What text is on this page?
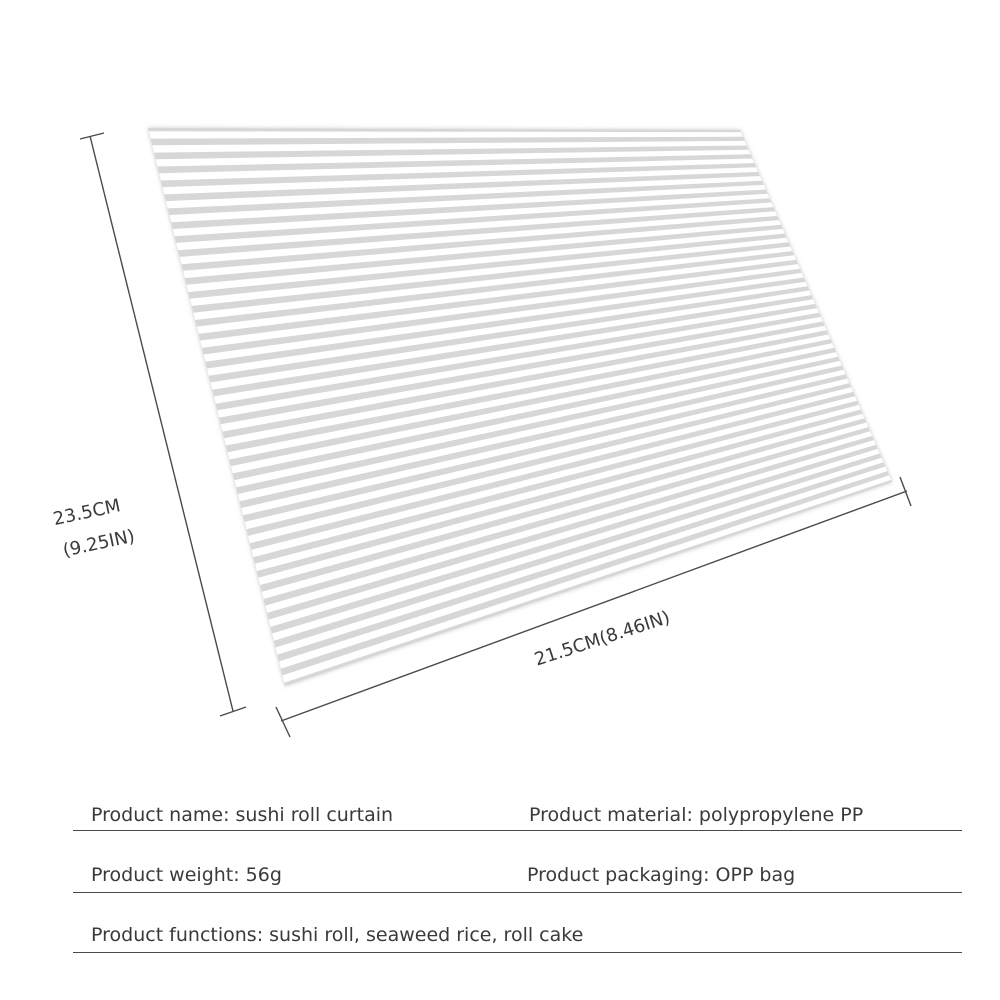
23.5CM
(9.25IN)
21.5CM(8.46IN)
Product name: sushi roll curtain	Product material: polypropylene PP
Product weight: 56g	Product packaging: OPP bag
Product functions: sushi roll, seaweed rice, roll cake
